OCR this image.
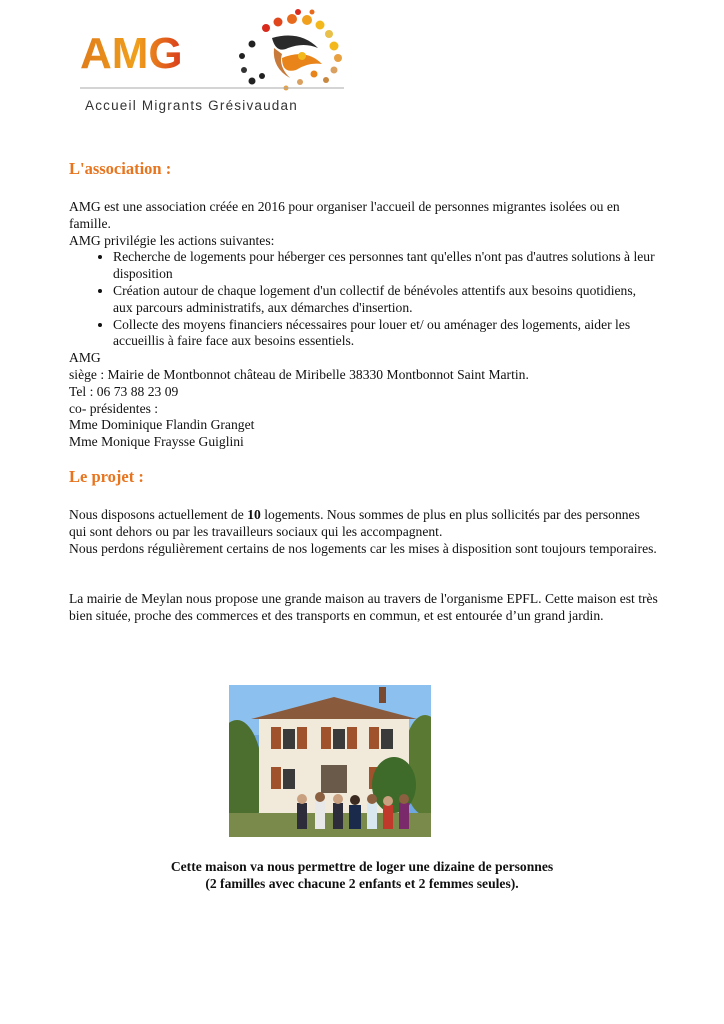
AMG
Accueil Migrants Grésivaudan
L'association :
AMG est une association créée en 2016 pour organiser l'accueil de personnes migrantes isolées ou en famille.
AMG privilégie les actions suivantes:
• Recherche de logements pour héberger ces personnes tant qu'elles n'ont pas d'autres solutions à leur disposition
• Création autour de chaque logement d'un collectif de bénévoles attentifs aux besoins quotidiens, aux parcours administratifs, aux démarches d'insertion.
• Collecte des moyens financiers nécessaires pour louer et/ ou aménager des logements, aider les accueillis à faire face aux besoins essentiels.
AMG
siège : Mairie de Montbonnot château de Miribelle 38330 Montbonnot Saint Martin.
Tel : 06 73 88 23 09
co- présidentes :
Mme Dominique Flandin Granget
Mme Monique Fraysse Guiglini
Le projet :
Nous disposons actuellement de 10 logements. Nous sommes de plus en plus sollicités par des personnes qui sont dehors ou par les travailleurs sociaux qui les accompagnent.
Nous perdons régulièrement certains de nos logements car les mises à disposition sont toujours temporaires.
La mairie de Meylan nous propose une grande maison au travers de l'organisme EPFL. Cette maison est très bien située, proche des commerces et des transports en commun, et est entourée d’un grand jardin.
Cette maison va nous permettre de loger une dizaine de personnes
(2 familles avec chacune 2 enfants et 2 femmes seules).
